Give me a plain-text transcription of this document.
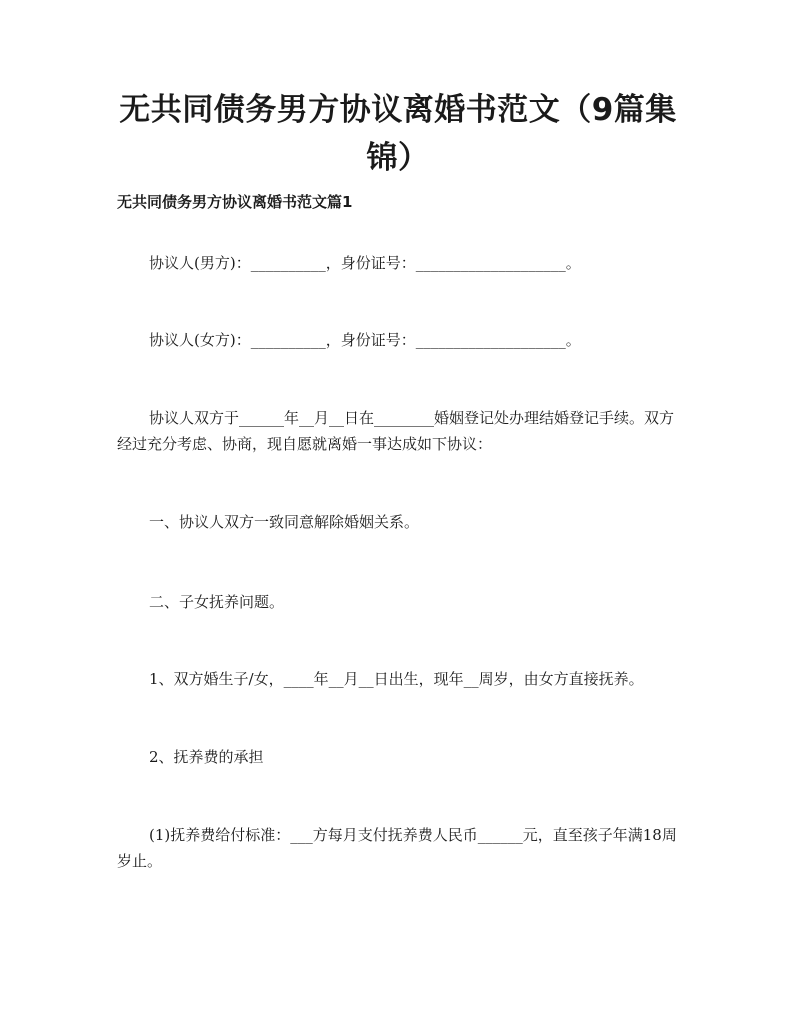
无共同债务男方协议离婚书范文（9篇集锦）
无共同债务男方协议离婚书范文篇1

协议人(男方)：__________，身份证号：____________________。

协议人(女方)：__________，身份证号：____________________。

协议人双方于______年__月__日在________婚姻登记处办理结婚登记手续。双方经过充分考虑、协商，现自愿就离婚一事达成如下协议：

一、协议人双方一致同意解除婚姻关系。

二、子女抚养问题。

1、双方婚生子/女，____年__月__日出生，现年__周岁，由女方直接抚养。

2、抚养费的承担

(1)抚养费给付标准：___方每月支付抚养费人民币______元，直至孩子年满18周岁止。
